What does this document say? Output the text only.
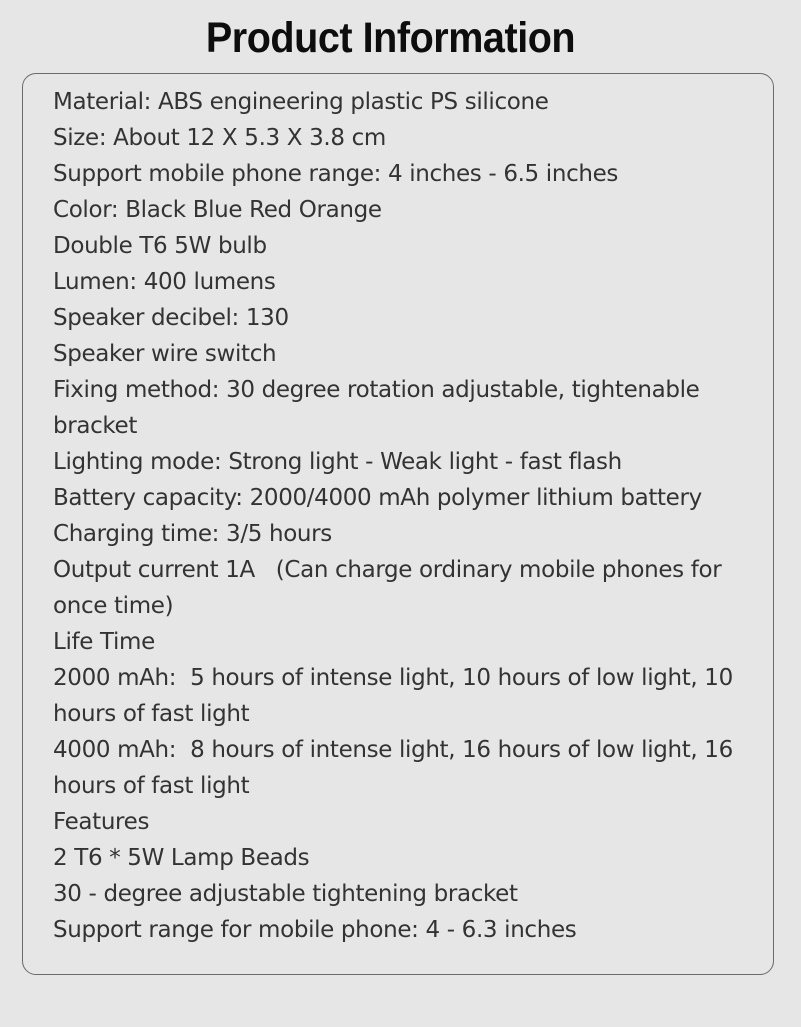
Product Information
Material: ABS engineering plastic PS silicone
Size: About 12 X 5.3 X 3.8 cm
Support mobile phone range: 4 inches - 6.5 inches
Color: Black Blue Red Orange
Double T6 5W bulb
Lumen: 400 lumens
Speaker decibel: 130
Speaker wire switch
Fixing method: 30 degree rotation adjustable, tightenable
bracket
Lighting mode: Strong light - Weak light - fast flash
Battery capacity: 2000/4000 mAh polymer lithium battery
Charging time: 3/5 hours
Output current 1A   (Can charge ordinary mobile phones for
once time)
Life Time
2000 mAh:  5 hours of intense light, 10 hours of low light, 10
hours of fast light
4000 mAh:  8 hours of intense light, 16 hours of low light, 16
hours of fast light
Features
2 T6 * 5W Lamp Beads
30 - degree adjustable tightening bracket
Support range for mobile phone: 4 - 6.3 inches
